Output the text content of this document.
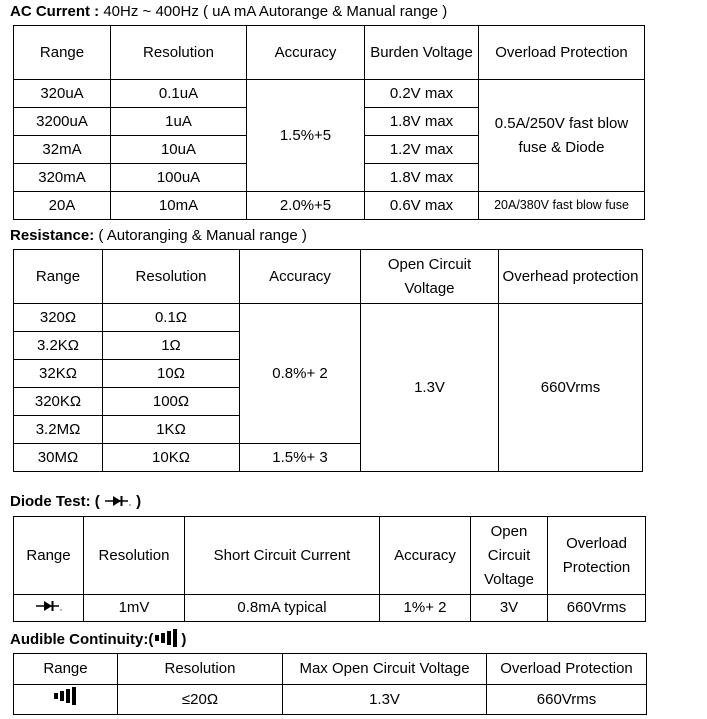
AC Current : 40Hz ~ 400Hz ( uA mA Autorange & Manual range )
Range	Resolution	Accuracy	Burden Voltage	Overload Protection
320uA	0.1uA	1.5%+5	0.2V max	0.5A/250V fast blow fuse & Diode
3200uA	1uA		1.8V max	
32mA	10uA		1.2V max	
320mA	100uA		1.8V max	
20A	10mA	2.0%+5	0.6V max	20A/380V fast blow fuse
Resistance: ( Autoranging & Manual range )
Range	Resolution	Accuracy	Open Circuit Voltage	Overhead protection
320Ω	0.1Ω	0.8%+ 2	1.3V	660Vrms
3.2KΩ	1Ω			
32KΩ	10Ω			
320KΩ	100Ω			
3.2MΩ	1KΩ			
30MΩ	10KΩ	1.5%+ 3		
Diode Test: ( )
Range	Resolution	Short Circuit Current	Accuracy	Open Circuit Voltage	Overload Protection
	1mV	0.8mA typical	1%+ 2	3V	660Vrms
Audible Continuity:( )
Range	Resolution	Max Open Circuit Voltage	Overload Protection
	≤20Ω	1.3V	660Vrms
